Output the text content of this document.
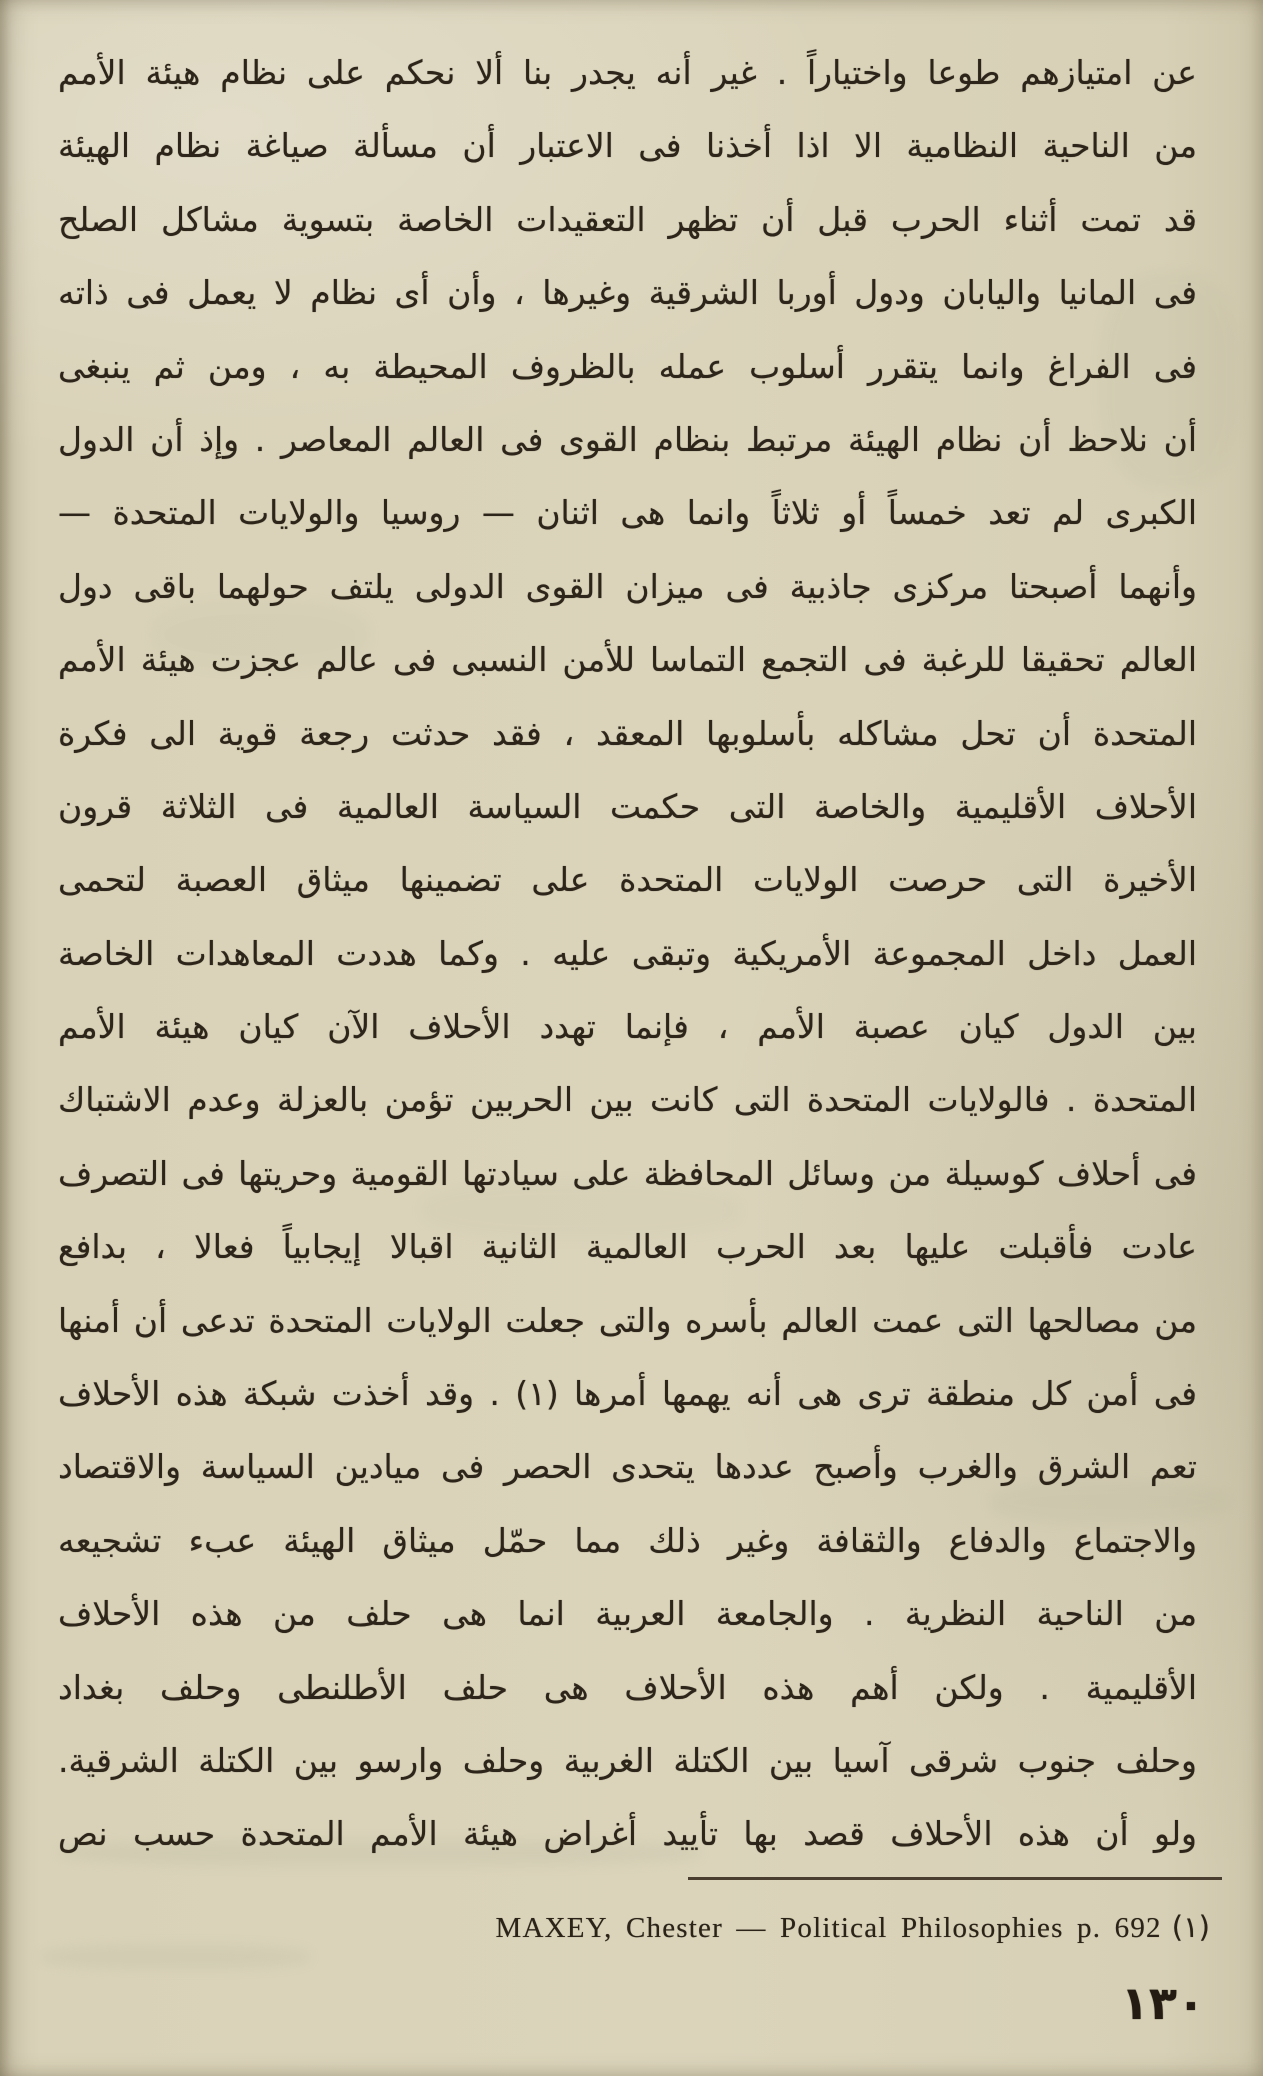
عن امتيازهم طوعا واختياراً . غير أنه يجدر بنا ألا نحكم على نظام هيئة الأمم
من الناحية النظامية الا اذا أخذنا فى الاعتبار أن مسألة صياغة نظام الهيئة
قد تمت أثناء الحرب قبل أن تظهر التعقيدات الخاصة بتسوية مشاكل الصلح
فى المانيا واليابان ودول أوربا الشرقية وغيرها ، وأن أى نظام لا يعمل فى ذاته
فى الفراغ وانما يتقرر أسلوب عمله بالظروف المحيطة به ، ومن ثم ينبغى
أن نلاحظ أن نظام الهيئة مرتبط بنظام القوى فى العالم المعاصر . وإذ أن الدول
الكبرى لم تعد خمساً أو ثلاثاً وانما هى اثنان — روسيا والولايات المتحدة —
وأنهما أصبحتا مركزى جاذبية فى ميزان القوى الدولى يلتف حولهما باقى دول
العالم تحقيقا للرغبة فى التجمع التماسا للأمن النسبى فى عالم عجزت هيئة الأمم
المتحدة أن تحل مشاكله بأسلوبها المعقد ، فقد حدثت رجعة قوية الى فكرة
الأحلاف الأقليمية والخاصة التى حكمت السياسة العالمية فى الثلاثة قرون
الأخيرة التى حرصت الولايات المتحدة على تضمينها ميثاق العصبة لتحمى
العمل داخل المجموعة الأمريكية وتبقى عليه . وكما هددت المعاهدات الخاصة
بين الدول كيان عصبة الأمم ، فإنما تهدد الأحلاف الآن كيان هيئة الأمم
المتحدة . فالولايات المتحدة التى كانت بين الحربين تؤمن بالعزلة وعدم الاشتباك
فى أحلاف كوسيلة من وسائل المحافظة على سيادتها القومية وحريتها فى التصرف
عادت فأقبلت عليها بعد الحرب العالمية الثانية اقبالا إيجابياً فعالا ، بدافع
من مصالحها التى عمت العالم بأسره والتى جعلت الولايات المتحدة تدعى أن أمنها
فى أمن كل منطقة ترى هى أنه يهمها أمرها (١) . وقد أخذت شبكة هذه الأحلاف
تعم الشرق والغرب وأصبح عددها يتحدى الحصر فى ميادين السياسة والاقتصاد
والاجتماع والدفاع والثقافة وغير ذلك مما حمّل ميثاق الهيئة عبء تشجيعه
من الناحية النظرية . والجامعة العربية انما هى حلف من هذه الأحلاف
الأقليمية . ولكن أهم هذه الأحلاف هى حلف الأطلنطى وحلف بغداد
وحلف جنوب شرقى آسيا بين الكتلة الغربية وحلف وارسو بين الكتلة الشرقية.
ولو أن هذه الأحلاف قصد بها تأييد أغراض هيئة الأمم المتحدة حسب نص
MAXEY, Chester — Political Philosophies p. 692 (١)
١٣٠
